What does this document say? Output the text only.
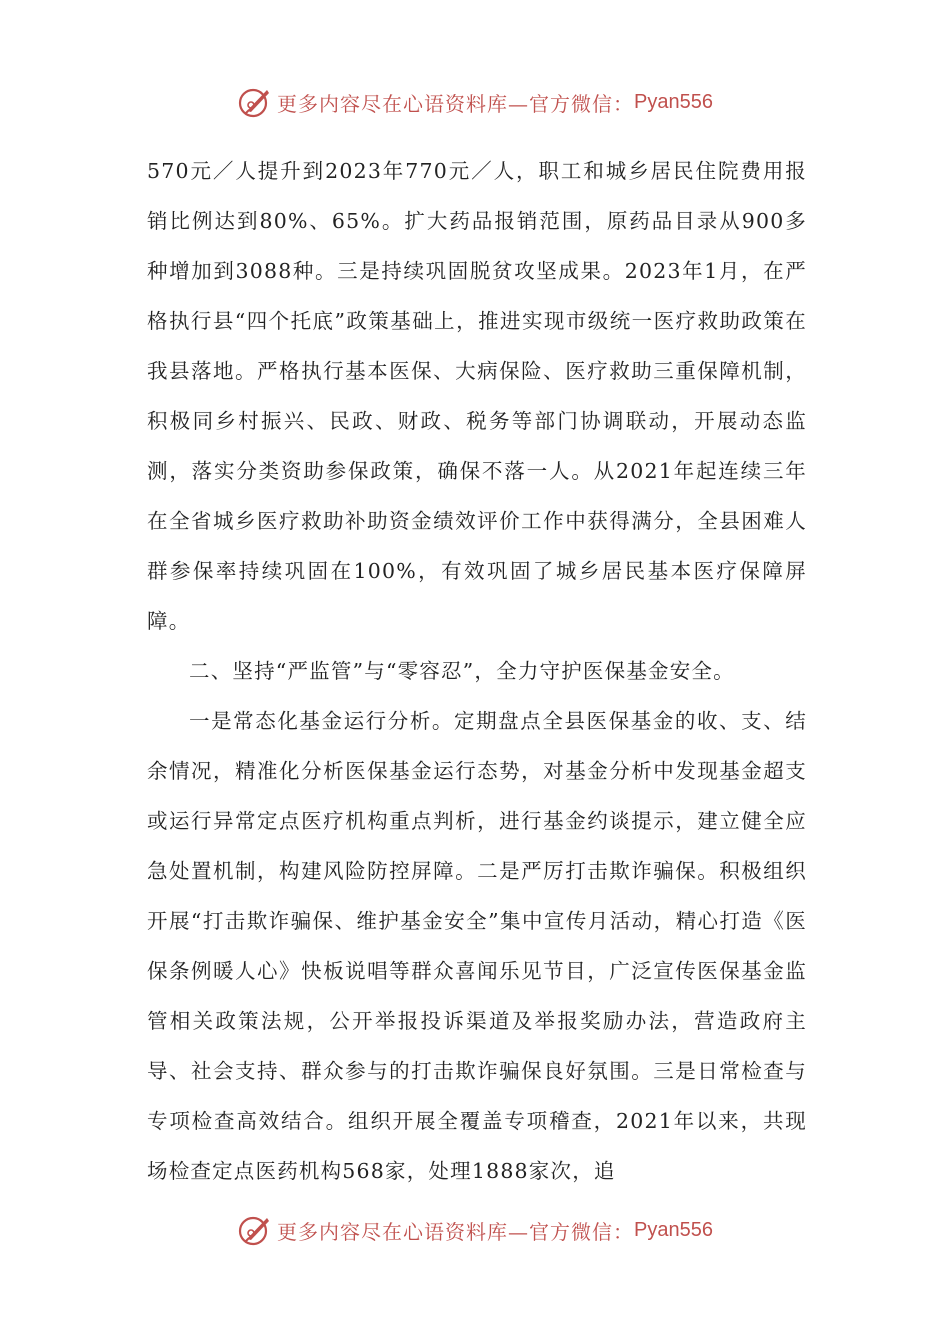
更多内容尽在心语资料库—官方微信： Pyan556

570元／人提升到2023年770元／人，职工和城乡居民住院费用报销比例达到80%、65%。扩大药品报销范围，原药品目录从900多种增加到3088种。三是持续巩固脱贫攻坚成果。2023年1月，在严格执行县“四个托底”政策基础上，推进实现市级统一医疗救助政策在我县落地。严格执行基本医保、大病保险、医疗救助三重保障机制，积极同乡村振兴、民政、财政、税务等部门协调联动，开展动态监测，落实分类资助参保政策，确保不落一人。从2021年起连续三年在全省城乡医疗救助补助资金绩效评价工作中获得满分，全县困难人群参保率持续巩固在100%，有效巩固了城乡居民基本医疗保障屏障。

二、坚持“严监管”与“零容忍”，全力守护医保基金安全。

一是常态化基金运行分析。定期盘点全县医保基金的收、支、结余情况，精准化分析医保基金运行态势，对基金分析中发现基金超支或运行异常定点医疗机构重点判析，进行基金约谈提示，建立健全应急处置机制，构建风险防控屏障。二是严厉打击欺诈骗保。积极组织开展“打击欺诈骗保、维护基金安全”集中宣传月活动，精心打造《医保条例暖人心》快板说唱等群众喜闻乐见节目，广泛宣传医保基金监管相关政策法规，公开举报投诉渠道及举报奖励办法，营造政府主导、社会支持、群众参与的打击欺诈骗保良好氛围。三是日常检查与专项检查高效结合。组织开展全覆盖专项稽查，2021年以来，共现场检查定点医药机构568家，处理1888家次，追

更多内容尽在心语资料库—官方微信： Pyan556
